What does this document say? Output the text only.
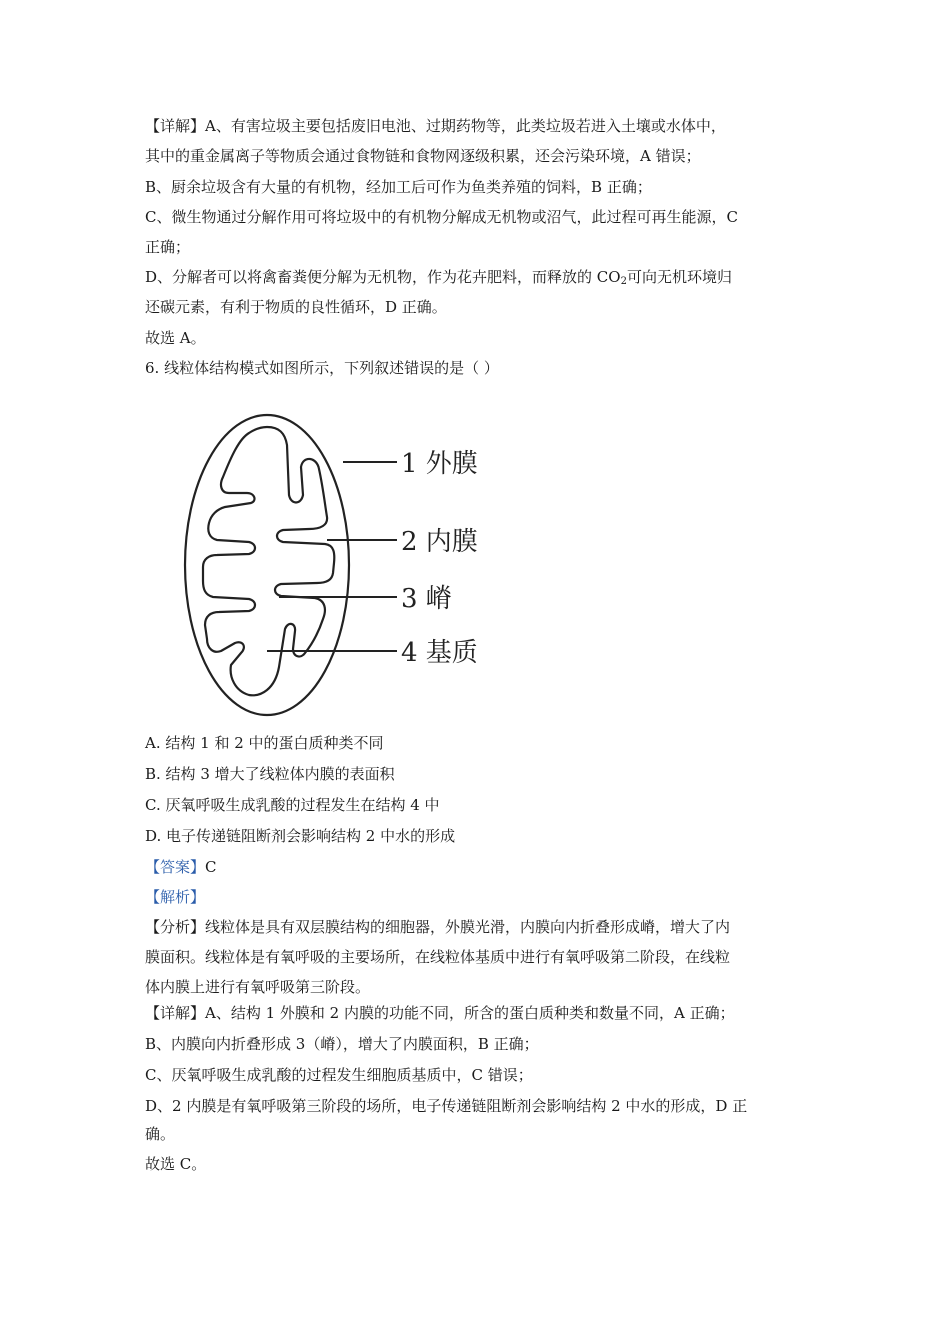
【详解】A、有害垃圾主要包括废旧电池、过期药物等，此类垃圾若进入土壤或水体中，
其中的重金属离子等物质会通过食物链和食物网逐级积累，还会污染环境，A 错误；
B、厨余垃圾含有大量的有机物，经加工后可作为鱼类养殖的饲料，B 正确；
C、微生物通过分解作用可将垃圾中的有机物分解成无机物或沼气，此过程可再生能源，C
正确；
D、分解者可以将禽畜粪便分解为无机物，作为花卉肥料，而释放的 $CO_2$可向无机环境归
还碳元素，有利于物质的良性循环，D 正确。
故选 A。
6. 线粒体结构模式如图所示，下列叙述错误的是（ ）
1 外膜
2 内膜
3 嵴
4 基质
A. 结构 1 和 2 中的蛋白质种类不同
B. 结构 3 增大了线粒体内膜的表面积
C. 厌氧呼吸生成乳酸的过程发生在结构 4 中
D. 电子传递链阻断剂会影响结构 2 中水的形成
【答案】C
【解析】
【分析】线粒体是具有双层膜结构的细胞器，外膜光滑，内膜向内折叠形成嵴，增大了内
膜面积。线粒体是有氧呼吸的主要场所，在线粒体基质中进行有氧呼吸第二阶段，在线粒
体内膜上进行有氧呼吸第三阶段。
【详解】A、结构 1 外膜和 2 内膜的功能不同，所含的蛋白质种类和数量不同，A 正确；
B、内膜向内折叠形成 3（嵴），增大了内膜面积，B 正确；
C、厌氧呼吸生成乳酸的过程发生细胞质基质中，C 错误；
D、2 内膜是有氧呼吸第三阶段的场所，电子传递链阻断剂会影响结构 2 中水的形成，D 正
确。
故选 C。
